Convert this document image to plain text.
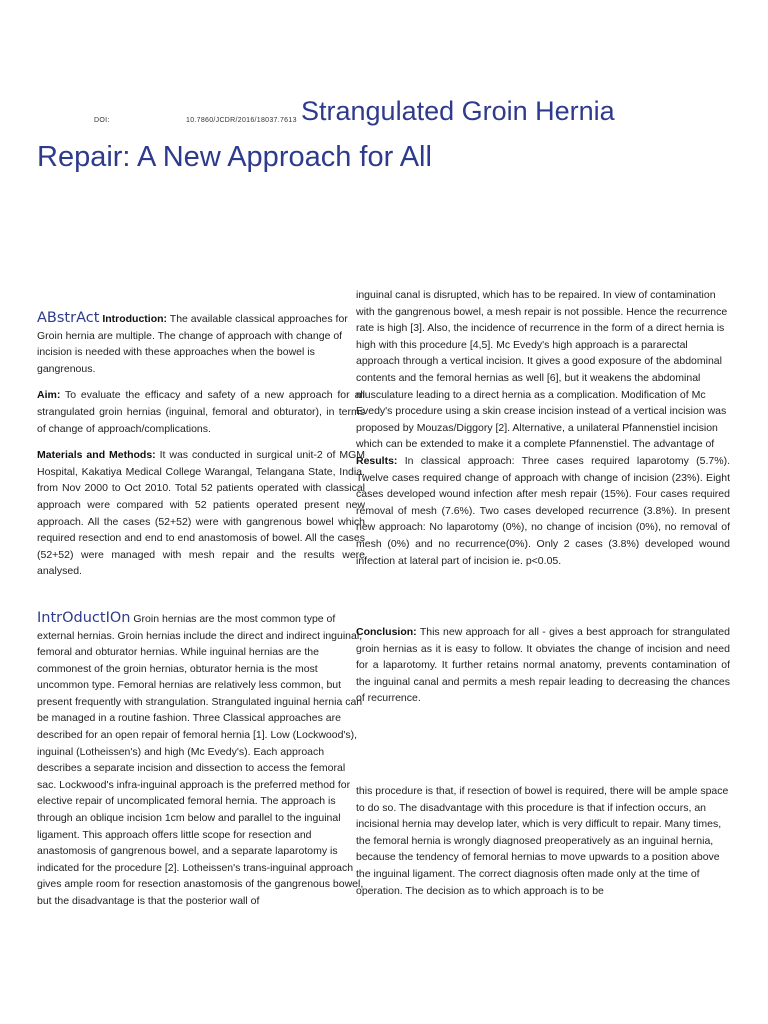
DOI:	10.7860/JCDR/2016/18037.7613 Strangulated Groin Hernia
Repair: A New Approach for All

ABstrAct Introduction: The available classical approaches for Groin hernia are multiple. The change of approach with change of incision is needed with these approaches when the bowel is gangrenous.

Aim: To evaluate the efficacy and safety of a new approach for all strangulated groin hernias (inguinal, femoral and obturator), in terms of change of approach/complications.

Materials and Methods: It was conducted in surgical unit-2 of MGM Hospital, Kakatiya Medical College Warangal, Telangana State, India, from Nov 2000 to Oct 2010. Total 52 patients operated with classical approach were compared with 52 patients operated present new approach. All the cases (52+52) were with gangrenous bowel which required resection and end to end anastomosis of bowel. All the cases (52+52) were managed with mesh repair and the results were analysed.

IntrOductIOn Groin hernias are the most common type of external hernias. Groin hernias include the direct and indirect inguinal, femoral and obturator hernias. While inguinal hernias are the commonest of the groin hernias, obturator hernia is the most uncommon type. Femoral hernias are relatively less common, but present frequently with strangulation. Strangulated inguinal hernia can be managed in a routine fashion. Three Classical approaches are described for an open repair of femoral hernia [1]. Low (Lockwood's), inguinal (Lotheissen's) and high (Mc Evedy's). Each approach describes a separate incision and dissection to access the femoral sac. Lockwood's infra-inguinal approach is the preferred method for elective repair of uncomplicated femoral hernia. The approach is through an oblique incision 1cm below and parallel to the inguinal ligament. This approach offers little scope for resection and anastomosis of gangrenous bowel, and a separate laparotomy is indicated for the procedure [2]. Lotheissen's trans-inguinal approach gives ample room for resection anastomosis of the gangrenous bowel, but the disadvantage is that the posterior wall of

inguinal canal is disrupted, which has to be repaired. In view of contamination with the gangrenous bowel, a mesh repair is not possible. Hence the recurrence rate is high [3]. Also, the incidence of recurrence in the form of a direct hernia is high with this procedure [4,5]. Mc Evedy's high approach is a pararectal approach through a vertical incision. It gives a good exposure of the abdominal contents and the femoral hernias as well [6], but it weakens the abdominal musculature leading to a direct hernia as a complication. Modification of Mc Evedy's procedure using a skin crease incision instead of a vertical incision was proposed by Mouzas/Diggory [2]. Alternative, a unilateral Pfannenstiel incision which can be extended to make it a complete Pfannenstiel. The advantage of

Results: In classical approach: Three cases required laparotomy (5.7%). Twelve cases required change of approach with change of incision (23%). Eight cases developed wound infection after mesh repair (15%). Four cases required removal of mesh (7.6%). Two cases developed recurrence (3.8%). In present new approach: No laparotomy (0%), no change of incision (0%), no removal of mesh (0%) and no recurrence(0%). Only 2 cases (3.8%) developed wound infection at lateral part of incision ie. p<0.05.

Conclusion: This new approach for all - gives a best approach for strangulated groin hernias as it is easy to follow. It obviates the change of incision and need for a laparotomy. It further retains normal anatomy, prevents contamination of the inguinal canal and permits a mesh repair leading to decreasing the chances of recurrence.

this procedure is that, if resection of bowel is required, there will be ample space to do so. The disadvantage with this procedure is that if infection occurs, an incisional hernia may develop later, which is very difficult to repair. Many times, the femoral hernia is wrongly diagnosed preoperatively as an inguinal hernia, because the tendency of femoral hernias to move upwards to a position above the inguinal ligament. The correct diagnosis often made only at the time of operation. The decision as to which approach is to be
